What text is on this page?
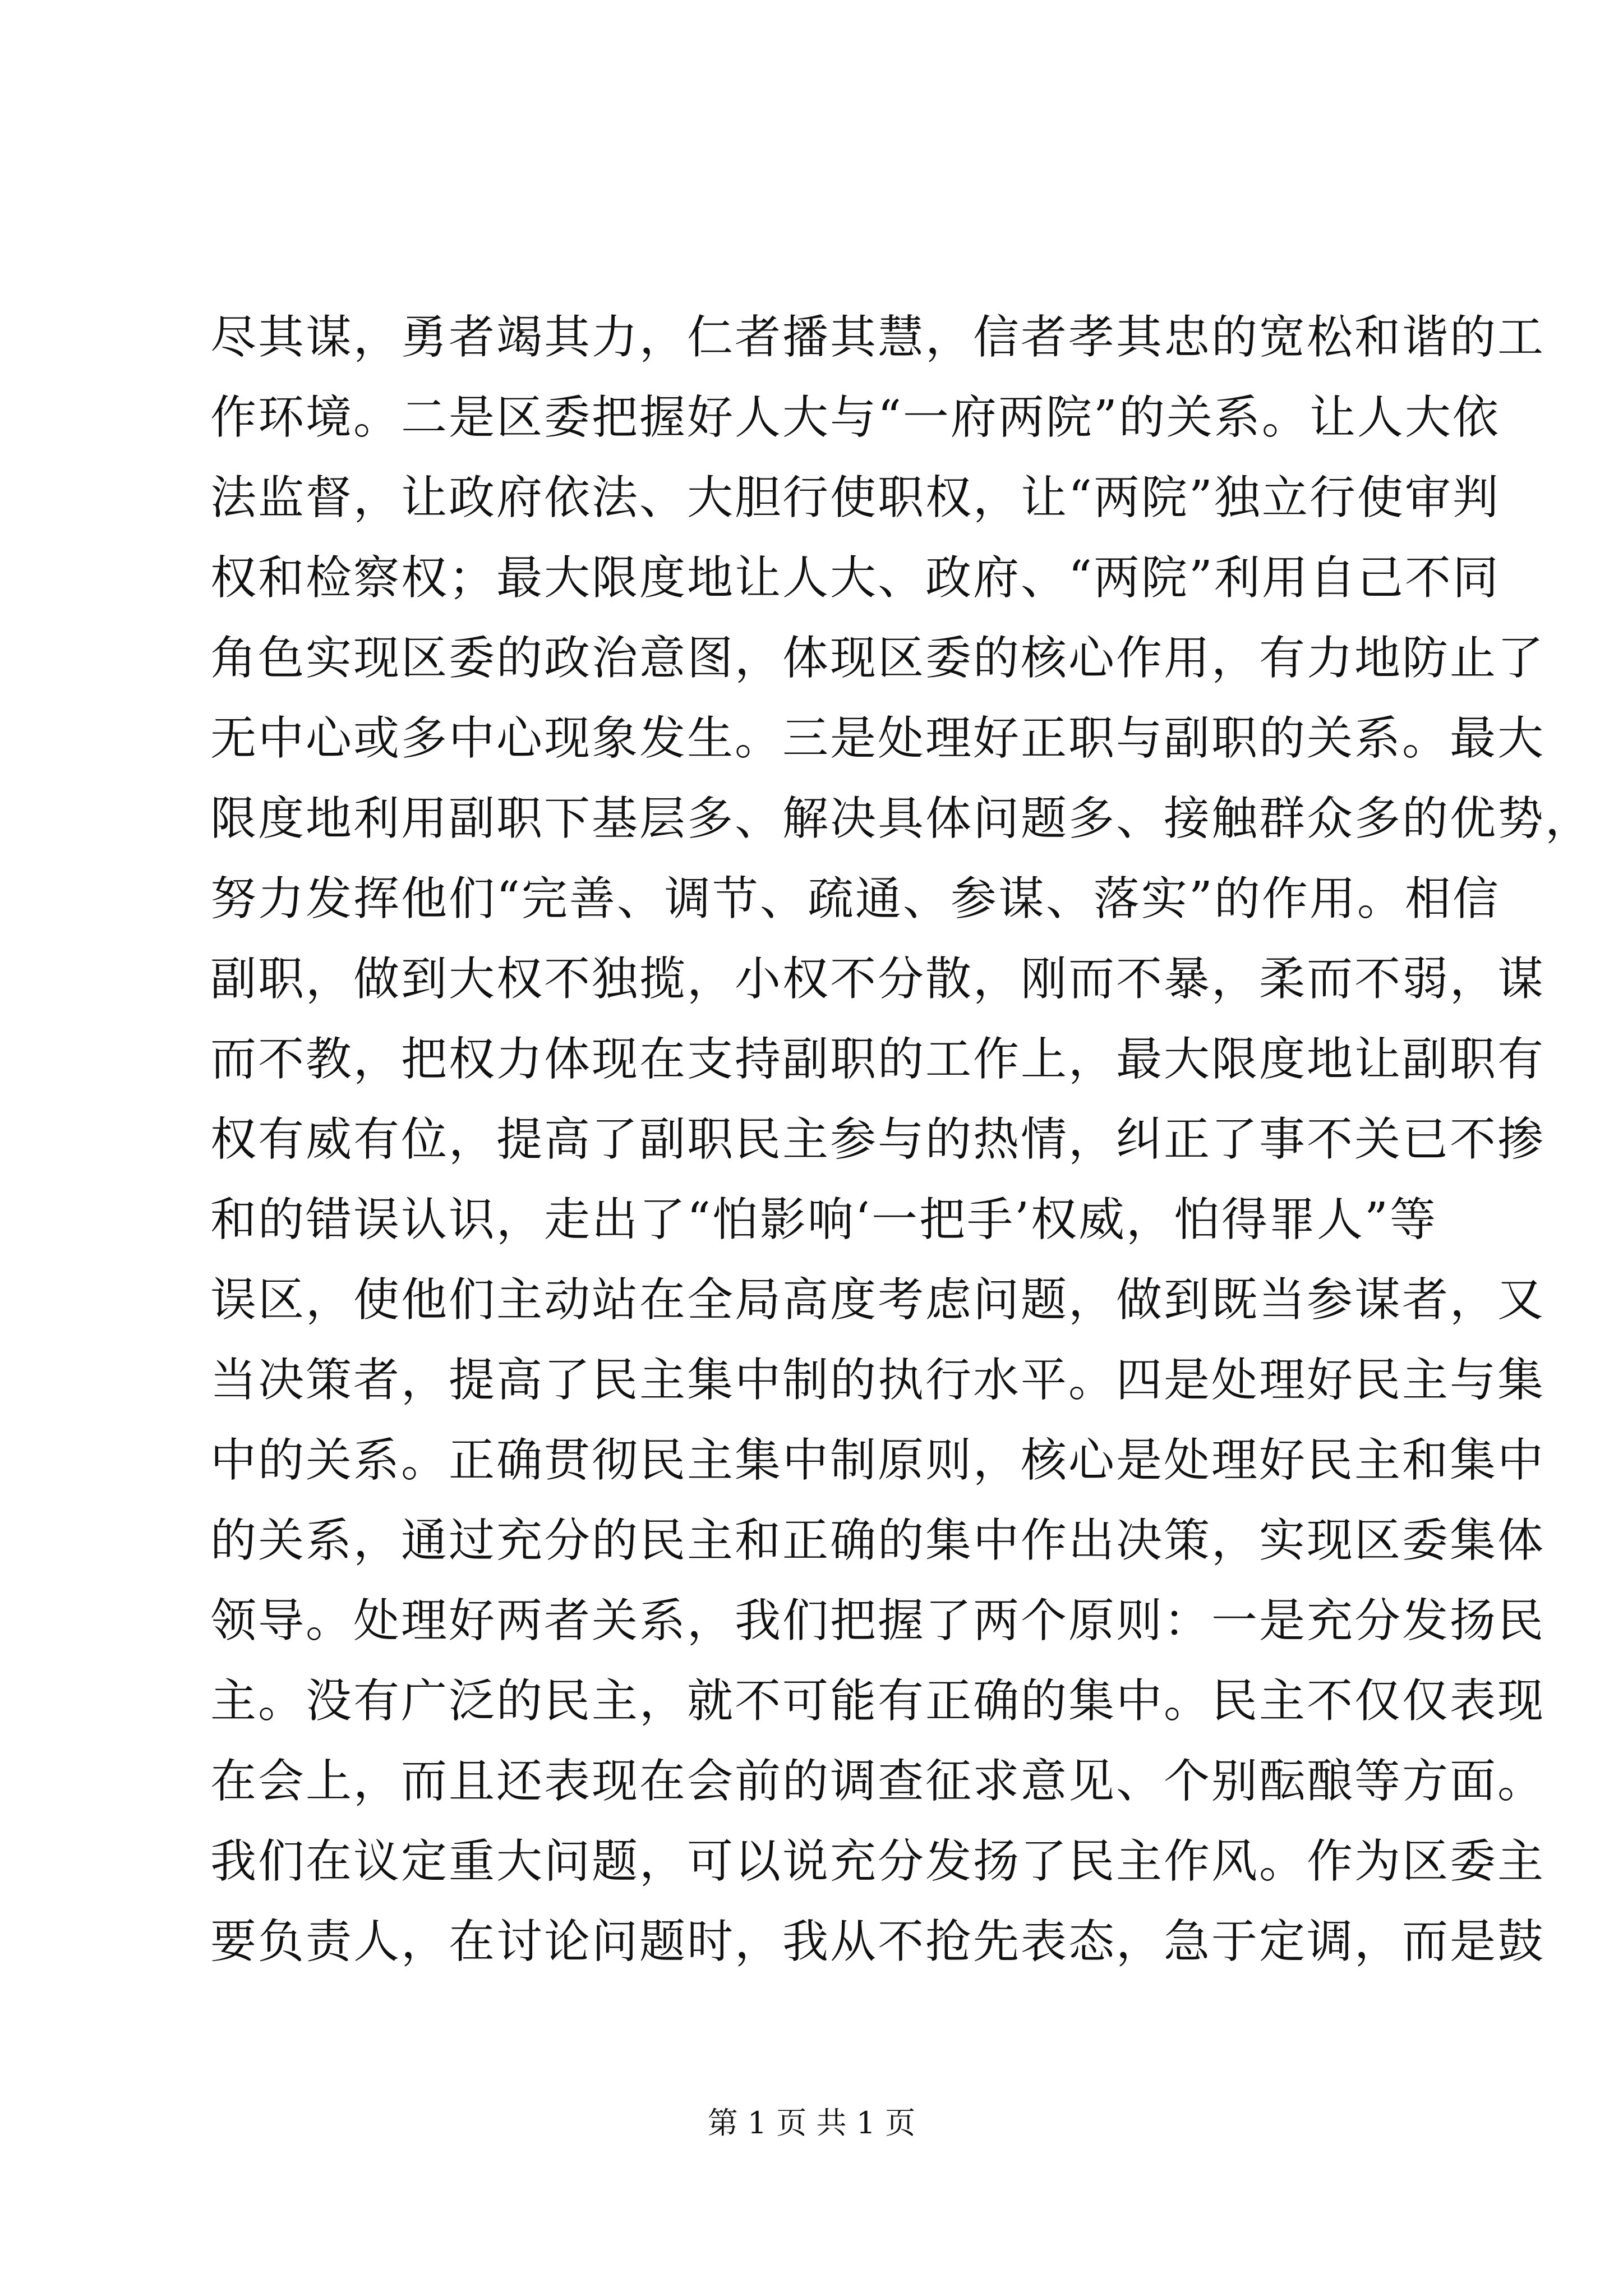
尽其谋，勇者竭其力，仁者播其慧，信者孝其忠的宽松和谐的工
作环境。二是区委把握好人大与“一府两院”的关系。让人大依
法监督，让政府依法、大胆行使职权，让“两院”独立行使审判
权和检察权；最大限度地让人大、政府、“两院”利用自己不同
角色实现区委的政治意图，体现区委的核心作用，有力地防止了
无中心或多中心现象发生。三是处理好正职与副职的关系。最大
限度地利用副职下基层多、解决具体问题多、接触群众多的优势，
努力发挥他们“完善、调节、疏通、参谋、落实”的作用。相信
副职，做到大权不独揽，小权不分散，刚而不暴，柔而不弱，谋
而不教，把权力体现在支持副职的工作上，最大限度地让副职有
权有威有位，提高了副职民主参与的热情，纠正了事不关已不掺
和的错误认识，走出了“怕影响‘一把手’权威，怕得罪人”等
误区，使他们主动站在全局高度考虑问题，做到既当参谋者，又
当决策者，提高了民主集中制的执行水平。四是处理好民主与集
中的关系。正确贯彻民主集中制原则，核心是处理好民主和集中
的关系，通过充分的民主和正确的集中作出决策，实现区委集体
领导。处理好两者关系，我们把握了两个原则：一是充分发扬民
主。没有广泛的民主，就不可能有正确的集中。民主不仅仅表现
在会上，而且还表现在会前的调查征求意见、个别酝酿等方面。
我们在议定重大问题，可以说充分发扬了民主作风。作为区委主
要负责人，在讨论问题时，我从不抢先表态，急于定调，而是鼓
第 1 页 共 1 页
